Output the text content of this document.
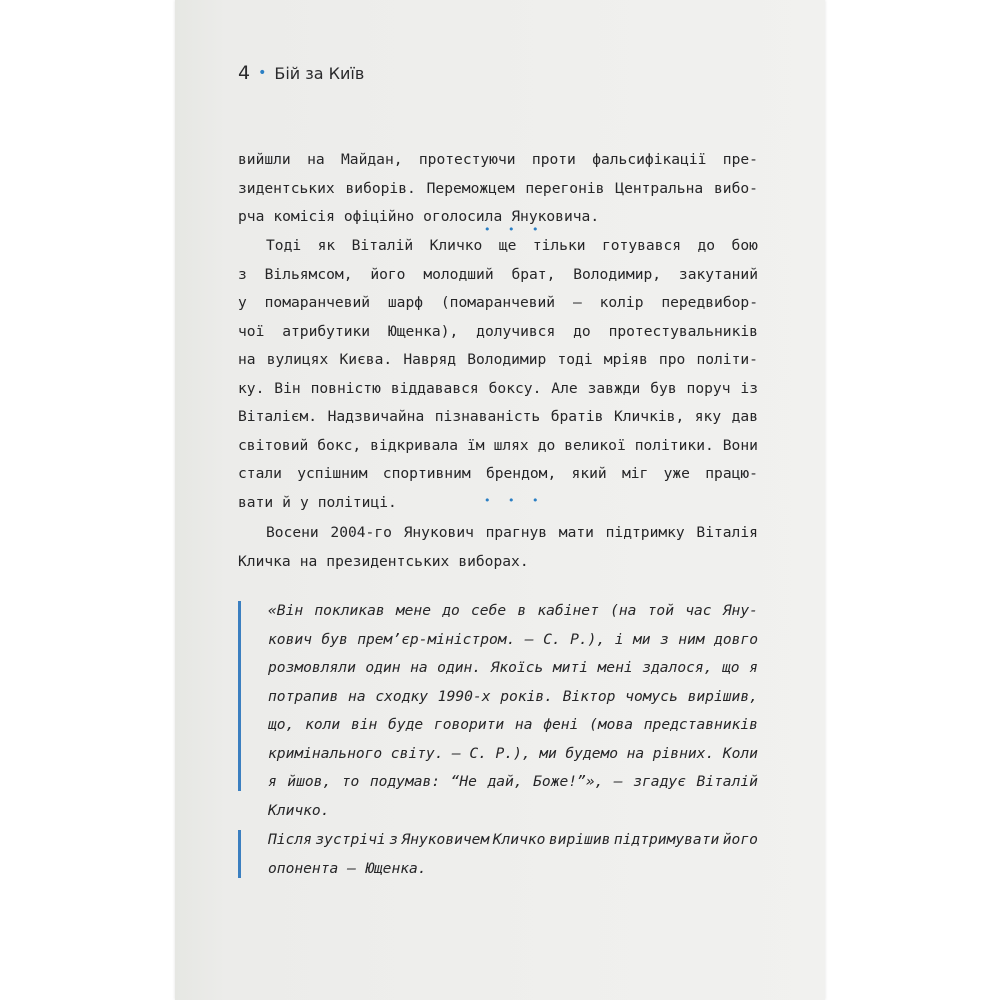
4 • Бій за Київ
вийшли на Майдан, протестуючи проти фальсифікації пре-
зидентських виборів. Переможцем перегонів Центральна вибо-
рча комісія офіційно оголосила Януковича.
• • •
Тоді як Віталій Кличко ще тільки готувався до бою
з Вільямсом, його молодший брат, Володимир, закутаний
у помаранчевий шарф (помаранчевий — колір передвибор-
чої атрибутики Ющенка), долучився до протестувальників
на вулицях Києва. Навряд Володимир тоді мріяв про політи-
ку. Він повністю віддавався боксу. Але завжди був поруч із
Віталієм. Надзвичайна пізнаваність братів Кличків, яку дав
світовий бокс, відкривала їм шлях до великої політики. Вони
стали успішним спортивним брендом, який міг уже працю-
вати й у політиці.	• • •
Восени 2004-го Янукович прагнув мати підтримку Віталія
Кличка на президентських виборах.
«Він покликав мене до себе в кабінет (на той час Яну-
кович був прем’єр-міністром. — С. Р.), і ми з ним довго
розмовляли один на один. Якоїсь миті мені здалося, що я
потрапив на сходку 1990-х років. Віктор чомусь вирішив,
що, коли він буде говорити на фені (мова представників
кримінального світу. — С. Р.), ми будемо на рівних. Коли
я йшов, то подумав: “Не дай, Боже!”», — згадує Віталій
Кличко.
Після зустрічі з Януковичем Кличко вирішив підтримувати його
опонента — Ющенка.
